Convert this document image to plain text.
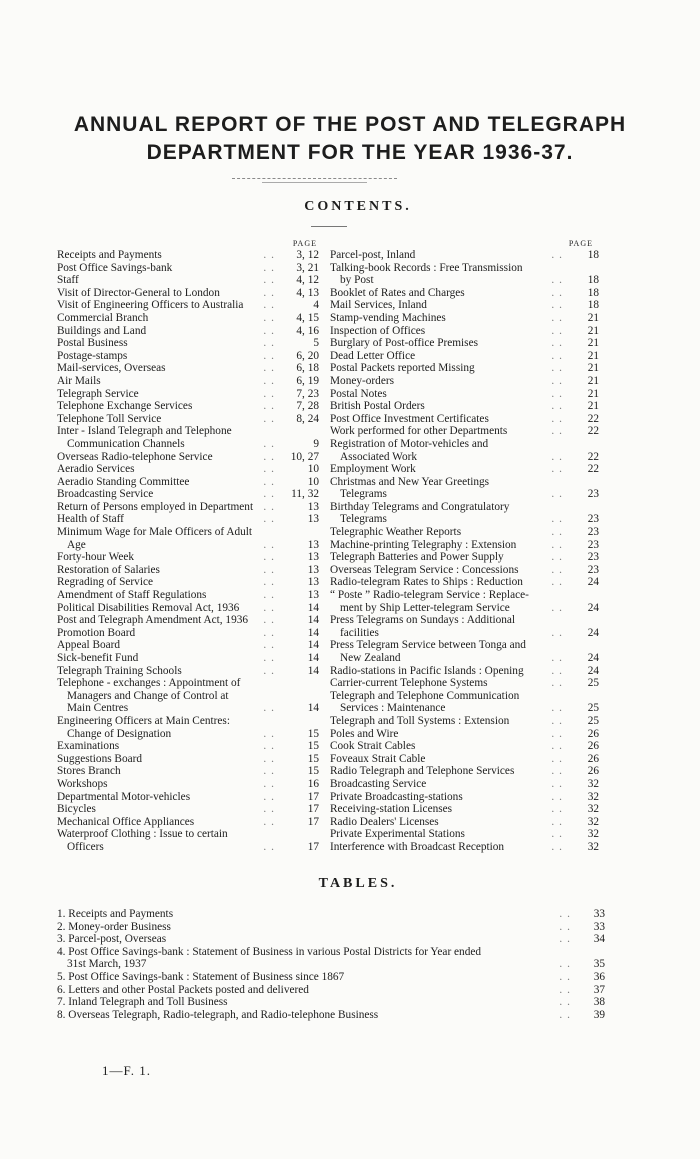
ANNUAL REPORT OF THE POST AND TELEGRAPH
DEPARTMENT FOR THE YEAR 1936-37.
CONTENTS.
PAGE
Receipts and Payments	..	3, 12
Post Office Savings-bank	..	3, 21
Staff	..	4, 12
Visit of Director-General to London	..	4, 13
Visit of Engineering Officers to Australia	..	4
Commercial Branch	..	4, 15
Buildings and Land	..	4, 16
Postal Business	..	5
Postage-stamps	..	6, 20
Mail-services, Overseas	..	6, 18
Air Mails	..	6, 19
Telegraph Service	..	7, 23
Telephone Exchange Services	..	7, 28
Telephone Toll Service	..	8, 24
Inter - Island Telegraph and Telephone
Communication Channels	..	9
Overseas Radio-telephone Service	..	10, 27
Aeradio Services	..	10
Aeradio Standing Committee	..	10
Broadcasting Service	..	11, 32
Return of Persons employed in Department ..	13
Health of Staff	..	13
Minimum Wage for Male Officers of Adult
Age	..	13
Forty-hour Week	..	13
Restoration of Salaries	..	13
Regrading of Service	..	13
Amendment of Staff Regulations	..	13
Political Disabilities Removal Act, 1936	..	14
Post and Telegraph Amendment Act, 1936	..	14
Promotion Board	..	14
Appeal Board	..	14
Sick-benefit Fund	..	14
Telegraph Training Schools	..	14
Telephone - exchanges : Appointment of
Managers and Change of Control at
Main Centres	..	14
Engineering Officers at Main Centres:
Change of Designation	..	15
Examinations	..	15
Suggestions Board	..	15
Stores Branch	..	15
Workshops	..	16
Departmental Motor-vehicles	..	17
Bicycles	..	17
Mechanical Office Appliances	..	17
Waterproof Clothing : Issue to certain
Officers	..	17
PAGE
Parcel-post, Inland	..	18
Talking-book Records : Free Transmission
by Post	..	18
Booklet of Rates and Charges	..	18
Mail Services, Inland	..	18
Stamp-vending Machines	..	21
Inspection of Offices	..	21
Burglary of Post-office Premises	..	21
Dead Letter Office	..	21
Postal Packets reported Missing	..	21
Money-orders	..	21
Postal Notes	..	21
British Postal Orders	..	21
Post Office Investment Certificates	..	22
Work performed for other Departments	..	22
Registration of Motor-vehicles and
Associated Work	..	22
Employment Work	..	22
Christmas and New Year Greetings
Telegrams	..	23
Birthday Telegrams and Congratulatory
Telegrams	..	23
Telegraphic Weather Reports	..	23
Machine-printing Telegraphy : Extension	..	23
Telegraph Batteries and Power Supply	..	23
Overseas Telegram Service : Concessions	..	23
Radio-telegram Rates to Ships : Reduction	..	24
“ Poste ” Radio-telegram Service : Replace-
ment by Ship Letter-telegram Service	..	24
Press Telegrams on Sundays : Additional
facilities	..	24
Press Telegram Service between Tonga and
New Zealand	..	24
Radio-stations in Pacific Islands : Opening	..	24
Carrier-current Telephone Systems	..	25
Telegraph and Telephone Communication
Services : Maintenance	..	25
Telegraph and Toll Systems : Extension	..	25
Poles and Wire	..	26
Cook Strait Cables	..	26
Foveaux Strait Cable	..	26
Radio Telegraph and Telephone Services	..	26
Broadcasting Service	..	32
Private Broadcasting-stations	..	32
Receiving-station Licenses	..	32
Radio Dealers' Licenses	..	32
Private Experimental Stations	..	32
Interference with Broadcast Reception	..	32
TABLES.
1. Receipts and Payments	..	33
2. Money-order Business	..	33
3. Parcel-post, Overseas	..	34
4. Post Office Savings-bank : Statement of Business in various Postal Districts for Year ended
31st March, 1937	..	35
5. Post Office Savings-bank : Statement of Business since 1867	..	36
6. Letters and other Postal Packets posted and delivered	..	37
7. Inland Telegraph and Toll Business	..	38
8. Overseas Telegraph, Radio-telegraph, and Radio-telephone Business	..	39

1—F. 1.
